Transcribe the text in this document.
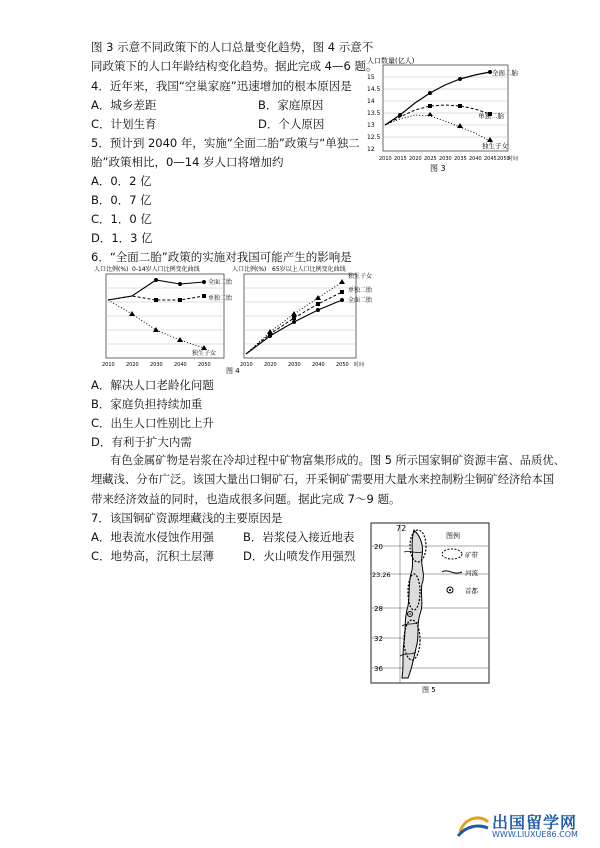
图 3 示意不同政策下的人口总量变化趋势，图 4 示意不
同政策下的人口年龄结构变化趋势。据此完成 4—6 题。
4．近年来，我国“空巢家庭”迅速增加的根本原因是
A．城乡差距	B．家庭原因
C．计划生育	D．个人原因
5．预计到 2040 年，实施“全面二胎”政策与“单独二
胎”政策相比，0—14 岁人口将增加约
A．0．2 亿
B．0．7 亿
C．1．0 亿
D．1．3 亿
6．“全面二胎”政策的实施对我国可能产生的影响是
人口数量(亿人)
全面二胎
单独二胎
独生子女
15
14.5
14
13.5
13
12.5
12
2010 2015 2020 2025 2030 2035 2040 2045 2050
时间
图 3
0-14岁人口比例变化曲线
人口比例(%)
全面二胎
单独二胎
独生子女
2010 2020 2030 2040 2050
65岁以上人口比例变化曲线
人口比例(%)
独生子女
单独二胎
全面二胎
2010 2020 2030 2040 2050 时间
图 4
A．解决人口老龄化问题
B．家庭负担持续加重
C．出生人口性别比上升
D．有利于扩大内需
有色金属矿物是岩浆在冷却过程中矿物富集形成的。图 5 所示国家铜矿资源丰富、品质优、
埋藏浅、分布广泛。该国大量出口铜矿石，开采铜矿需要用大量水来控制粉尘铜矿经济给本国
带来经济效益的同时，也造成很多问题。据此完成 7～9 题。
7．该国铜矿资源埋藏浅的主要原因是
A．地表流水侵蚀作用强	B．岩浆侵入接近地表
C．地势高，沉积土层薄	D．火山喷发作用强烈
72
20
23.26
28
32
36
图例
矿带
河流
首都
图 5
出国留学网
WWW.LIUXUE86.COM
